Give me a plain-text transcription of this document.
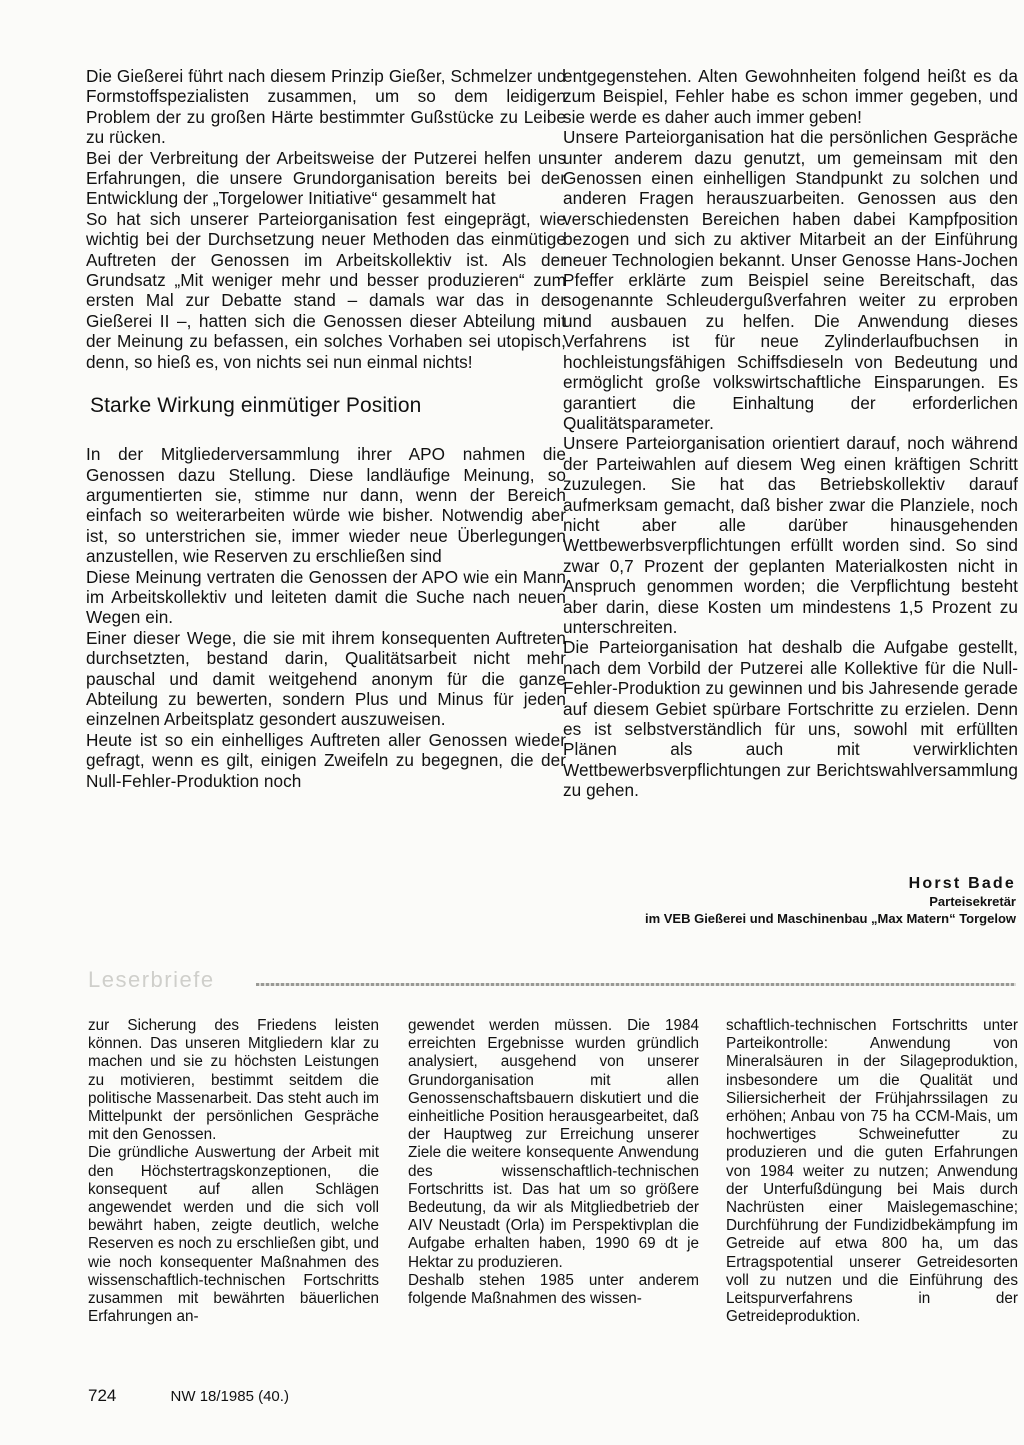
Die Gießerei führt nach diesem Prinzip Gießer, Schmelzer und Formstoffspezialisten zusammen, um so dem leidigen Problem der zu großen Härte bestimmter Gußstücke zu Leibe zu rücken.

Bei der Verbreitung der Arbeitsweise der Putzerei helfen uns Erfahrungen, die unsere Grundorganisation bereits bei der Entwicklung der „Torgelower Initiative“ gesammelt hat

So hat sich unserer Parteiorganisation fest eingeprägt, wie wichtig bei der Durchsetzung neuer Methoden das einmütige Auftreten der Genossen im Arbeitskollektiv ist. Als der Grundsatz „Mit weniger mehr und besser produzieren“ zum ersten Mal zur Debatte stand – damals war das in der Gießerei II –, hatten sich die Genossen dieser Abteilung mit der Meinung zu befassen, ein solches Vorhaben sei utopisch, denn, so hieß es, von nichts sei nun einmal nichts!

Starke Wirkung einmütiger Position

In der Mitgliederversammlung ihrer APO nahmen die Genossen dazu Stellung. Diese landläufige Meinung, so argumentierten sie, stimme nur dann, wenn der Bereich einfach so weiterarbeiten würde wie bisher. Notwendig aber ist, so unterstrichen sie, immer wieder neue Überlegungen anzustellen, wie Reserven zu erschließen sind

Diese Meinung vertraten die Genossen der APO wie ein Mann im Arbeitskollektiv und leiteten damit die Suche nach neuen Wegen ein.

Einer dieser Wege, die sie mit ihrem konsequenten Auftreten durchsetzten, bestand darin, Qualitätsarbeit nicht mehr pauschal und damit weitgehend anonym für die ganze Abteilung zu bewerten, sondern Plus und Minus für jeden einzelnen Arbeitsplatz gesondert auszuweisen.

Heute ist so ein einhelliges Auftreten aller Genossen wieder gefragt, wenn es gilt, einigen Zweifeln zu begegnen, die der Null-Fehler-Produktion noch

entgegenstehen. Alten Gewohnheiten folgend heißt es da zum Beispiel, Fehler habe es schon immer gegeben, und sie werde es daher auch immer geben!

Unsere Parteiorganisation hat die persönlichen Gespräche unter anderem dazu genutzt, um gemeinsam mit den Genossen einen einhelligen Standpunkt zu solchen und anderen Fragen herauszuarbeiten. Genossen aus den verschiedensten Bereichen haben dabei Kampfposition bezogen und sich zu aktiver Mitarbeit an der Einführung neuer Technologien bekannt. Unser Genosse Hans-Jochen Pfeffer erklärte zum Beispiel seine Bereitschaft, das sogenannte Schleudergußverfahren weiter zu erproben und ausbauen zu helfen. Die Anwendung dieses Verfahrens ist für neue Zylinderlaufbuchsen in hochleistungsfähigen Schiffsdieseln von Bedeutung und ermöglicht große volkswirtschaftliche Einsparungen. Es garantiert die Einhaltung der erforderlichen Qualitätsparameter.

Unsere Parteiorganisation orientiert darauf, noch während der Parteiwahlen auf diesem Weg einen kräftigen Schritt zuzulegen. Sie hat das Betriebskollektiv darauf aufmerksam gemacht, daß bisher zwar die Planziele, noch nicht aber alle darüber hinausgehenden Wettbewerbsverpflichtungen erfüllt worden sind. So sind zwar 0,7 Prozent der geplanten Materialkosten nicht in Anspruch genommen worden; die Verpflichtung besteht aber darin, diese Kosten um mindestens 1,5 Prozent zu unterschreiten.

Die Parteiorganisation hat deshalb die Aufgabe gestellt, nach dem Vorbild der Putzerei alle Kollektive für die Null-Fehler-Produktion zu gewinnen und bis Jahresende gerade auf diesem Gebiet spürbare Fortschritte zu erzielen. Denn es ist selbstverständlich für uns, sowohl mit erfüllten Plänen als auch mit verwirklichten Wettbewerbsverpflichtungen zur Berichtswahlversammlung zu gehen.

Horst Bade
Parteisekretär
im VEB Gießerei und Maschinenbau „Max Matern“ Torgelow
Leserbriefe

zur Sicherung des Friedens leisten können. Das unseren Mitgliedern klar zu machen und sie zu höchsten Leistungen zu motivieren, bestimmt seitdem die politische Massenarbeit. Das steht auch im Mittelpunkt der persönlichen Gespräche mit den Genossen.

Die gründliche Auswertung der Arbeit mit den Höchstertragskonzeptionen, die konsequent auf allen Schlägen angewendet werden und die sich voll bewährt haben, zeigte deutlich, welche Reserven es noch zu erschließen gibt, und wie noch konsequenter Maßnahmen des wissenschaftlich-technischen Fortschritts zusammen mit bewährten bäuerlichen Erfahrungen an-

gewendet werden müssen. Die 1984 erreichten Ergebnisse wurden gründlich analysiert, ausgehend von unserer Grundorganisation mit allen Genossenschaftsbauern diskutiert und die einheitliche Position herausgearbeitet, daß der Hauptweg zur Erreichung unserer Ziele die weitere konsequente Anwendung des wissenschaftlich-technischen Fortschritts ist. Das hat um so größere Bedeutung, da wir als Mitgliedbetrieb der AIV Neustadt (Orla) im Perspektivplan die Aufgabe erhalten haben, 1990 69 dt je Hektar zu produzieren.

Deshalb stehen 1985 unter anderem folgende Maßnahmen des wissen-

schaftlich-technischen Fortschritts unter Parteikontrolle: Anwendung von Mineralsäuren in der Silageproduktion, insbesondere um die Qualität und Siliersicherheit der Frühjahrssilagen zu erhöhen; Anbau von 75 ha CCM-Mais, um hochwertiges Schweinefutter zu produzieren und die guten Erfahrungen von 1984 weiter zu nutzen; Anwendung der Unterfußdüngung bei Mais durch Nachrüsten einer Maislegemaschine; Durchführung der Fundizidbekämpfung im Getreide auf etwa 800 ha, um das Ertragspotential unserer Getreidesorten voll zu nutzen und die Einführung des Leitspurverfahrens in der Getreideproduktion.

724	NW 18/1985 (40.)
